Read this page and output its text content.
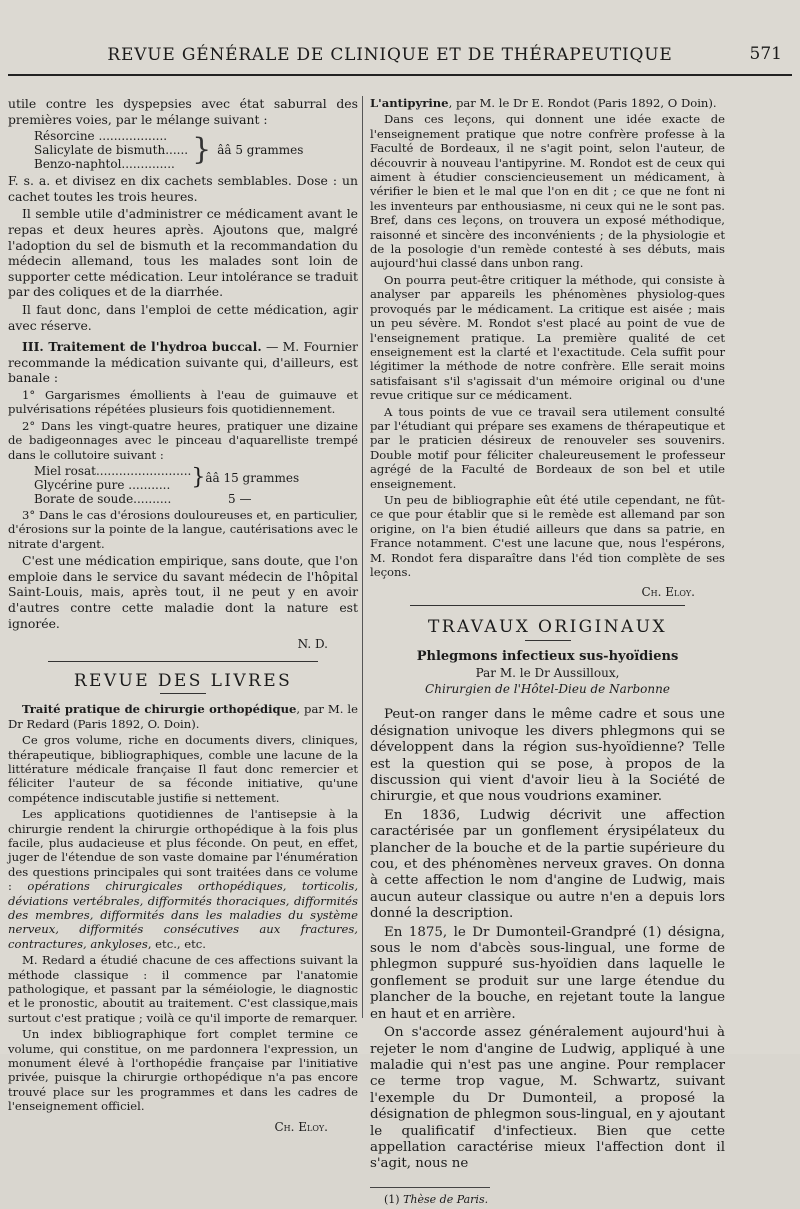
REVUE GÉNÉRALE DE CLINIQUE ET DE THÉRAPEUTIQUE	571

utile contre les dyspepsies avec état saburral des premières voies, par le mélange suivant :

Résorcine ..................
Salicylate de bismuth......
Benzo-naphtol.............. } ââ 5 grammes

F. s. a. et divisez en dix cachets semblables. Dose : un cachet toutes les trois heures.

Il semble utile d'administrer ce médicament avant le repas et deux heures après. Ajoutons que, malgré l'adoption du sel de bismuth et la recommandation du médecin allemand, tous les malades sont loin de supporter cette médication. Leur intolérance se traduit par des coliques et de la diarrhée.

Il faut donc, dans l'emploi de cette médication, agir avec réserve.

III. Traitement de l'hydroa buccal. — M. Fournier recommande la médication suivante qui, d'ailleurs, est banale :

1° Gargarismes émollients à l'eau de guimauve et pulvérisations répétées plusieurs fois quotidiennement.

2° Dans les vingt-quatre heures, pratiquer une dizaine de badigeonnages avec le pinceau d'aquarelliste trempé dans le collutoire suivant :

Miel rosat.........................
Glycérine pure ........... } ââ 15 grammes
Borate de soude..........	5 —

3° Dans le cas d'érosions douloureuses et, en particulier, d'érosions sur la pointe de la langue, cautérisations avec le nitrate d'argent.

C'est une médication empirique, sans doute, que l'on emploie dans le service du savant médecin de l'hôpital Saint-Louis, mais, après tout, il ne peut y en avoir d'autres contre cette maladie dont la nature est ignorée.

N. D.
REVUE DES LIVRES

Traité pratique de chirurgie orthopédique, par M. le Dr Redard (Paris 1892, O. Doin).

Ce gros volume, riche en documents divers, cliniques, thérapeutique, bibliographiques, comble une lacune de la littérature médicale française Il faut donc remercier et féliciter l'auteur de sa féconde initiative, qu'une compétence indiscutable justifie si nettement.

Les applications quotidiennes de l'antisepsie à la chirurgie rendent la chirurgie orthopédique à la fois plus facile, plus audacieuse et plus féconde. On peut, en effet, juger de l'étendue de son vaste domaine par l'énumération des questions principales qui sont traitées dans ce volume : opérations chirurgicales orthopédiques, torticolis, déviations vertébrales, difformités thoraciques, difformités des membres, difformités dans les maladies du système nerveux, difformités consécutives aux fractures, contractures, ankyloses, etc., etc.

M. Redard a étudié chacune de ces affections suivant la méthode classique : il commence par l'anatomie pathologique, et passant par la séméiologie, le diagnostic et le pronostic, aboutit au traitement. C'est classique,mais surtout c'est pratique ; voilà ce qu'il importe de remarquer.

Un index bibliographique fort complet termine ce volume, qui constitue, on me pardonnera l'expression, un monument élevé à l'orthopédie française par l'initiative privée, puisque la chirurgie orthopédique n'a pas encore trouvé place sur les programmes et dans les cadres de l'enseignement officiel.

Ch. Eloy.

L'antipyrine, par M. le Dr E. Rondot (Paris 1892, O Doin).

Dans ces leçons, qui donnent une idée exacte de l'enseignement pratique que notre confrère professe à la Faculté de Bordeaux, il ne s'agit point, selon l'auteur, de découvrir à nouveau l'antipyrine. M. Rondot est de ceux qui aiment à étudier consciencieusement un médicament, à vérifier le bien et le mal que l'on en dit ; ce que ne font ni les inventeurs par enthousiasme, ni ceux qui ne le sont pas. Bref, dans ces leçons, on trouvera un exposé méthodique, raisonné et sincère des inconvénients ; de la physiologie et de la posologie d'un remède contesté à ses débuts, mais aujourd'hui classé dans unbon rang.

On pourra peut-être critiquer la méthode, qui consiste à analyser par appareils les phénomènes physiolog-ques provoqués par le médicament. La critique est aisée ; mais un peu sévère. M. Rondot s'est placé au point de vue de l'enseignement pratique. La première qualité de cet enseignement est la clarté et l'exactitude. Cela suffit pour légitimer la méthode de notre confrère. Elle serait moins satisfaisant s'il s'agissait d'un mémoire original ou d'une revue critique sur ce médicament.

A tous points de vue ce travail sera utilement consulté par l'étudiant qui prépare ses examens de thérapeutique et par le praticien désireux de renouveler ses souvenirs. Double motif pour féliciter chaleureusement le professeur agrégé de la Faculté de Bordeaux de son bel et utile enseignement.

Un peu de bibliographie eût été utile cependant, ne fût-ce que pour établir que si le remède est allemand par son origine, on l'a bien étudié ailleurs que dans sa patrie, en France notamment. C'est une lacune que, nous l'espérons, M. Rondot fera disparaître dans l'éd tion complète de ses leçons.

Ch. Eloy.
TRAVAUX ORIGINAUX
Phlegmons infectieux sus-hyoïdiens
Par M. le Dr Aussilloux,
Chirurgien de l'Hôtel-Dieu de Narbonne

Peut-on ranger dans le même cadre et sous une désignation univoque les divers phlegmons qui se développent dans la région sus-hyoïdienne? Telle est la question qui se pose, à propos de la discussion qui vient d'avoir lieu à la Société de chirurgie, et que nous voudrions examiner.

En 1836, Ludwig décrivit une affection caractérisée par un gonflement érysipélateux du plancher de la bouche et de la partie supérieure du cou, et des phénomènes nerveux graves. On donna à cette affection le nom d'angine de Ludwig, mais aucun auteur classique ou autre n'en a depuis lors donné la description.

En 1875, le Dr Dumonteil-Grandpré (1) désigna, sous le nom d'abcès sous-lingual, une forme de phlegmon suppuré sus-hyoïdien dans laquelle le gonflement se produit sur une large étendue du plancher de la bouche, en rejetant toute la langue en haut et en arrière.

On s'accorde assez généralement aujourd'hui à rejeter le nom d'angine de Ludwig, appliqué à une maladie qui n'est pas une angine. Pour remplacer ce terme trop vague, M. Schwartz, suivant l'exemple du Dr Dumonteil, a proposé la désignation de phlegmon sous-lingual, en y ajoutant le qualificatif d'infectieux. Bien que cette appellation caractérise mieux l'affection dont il s'agit, nous ne

(1) Thèse de Paris.
